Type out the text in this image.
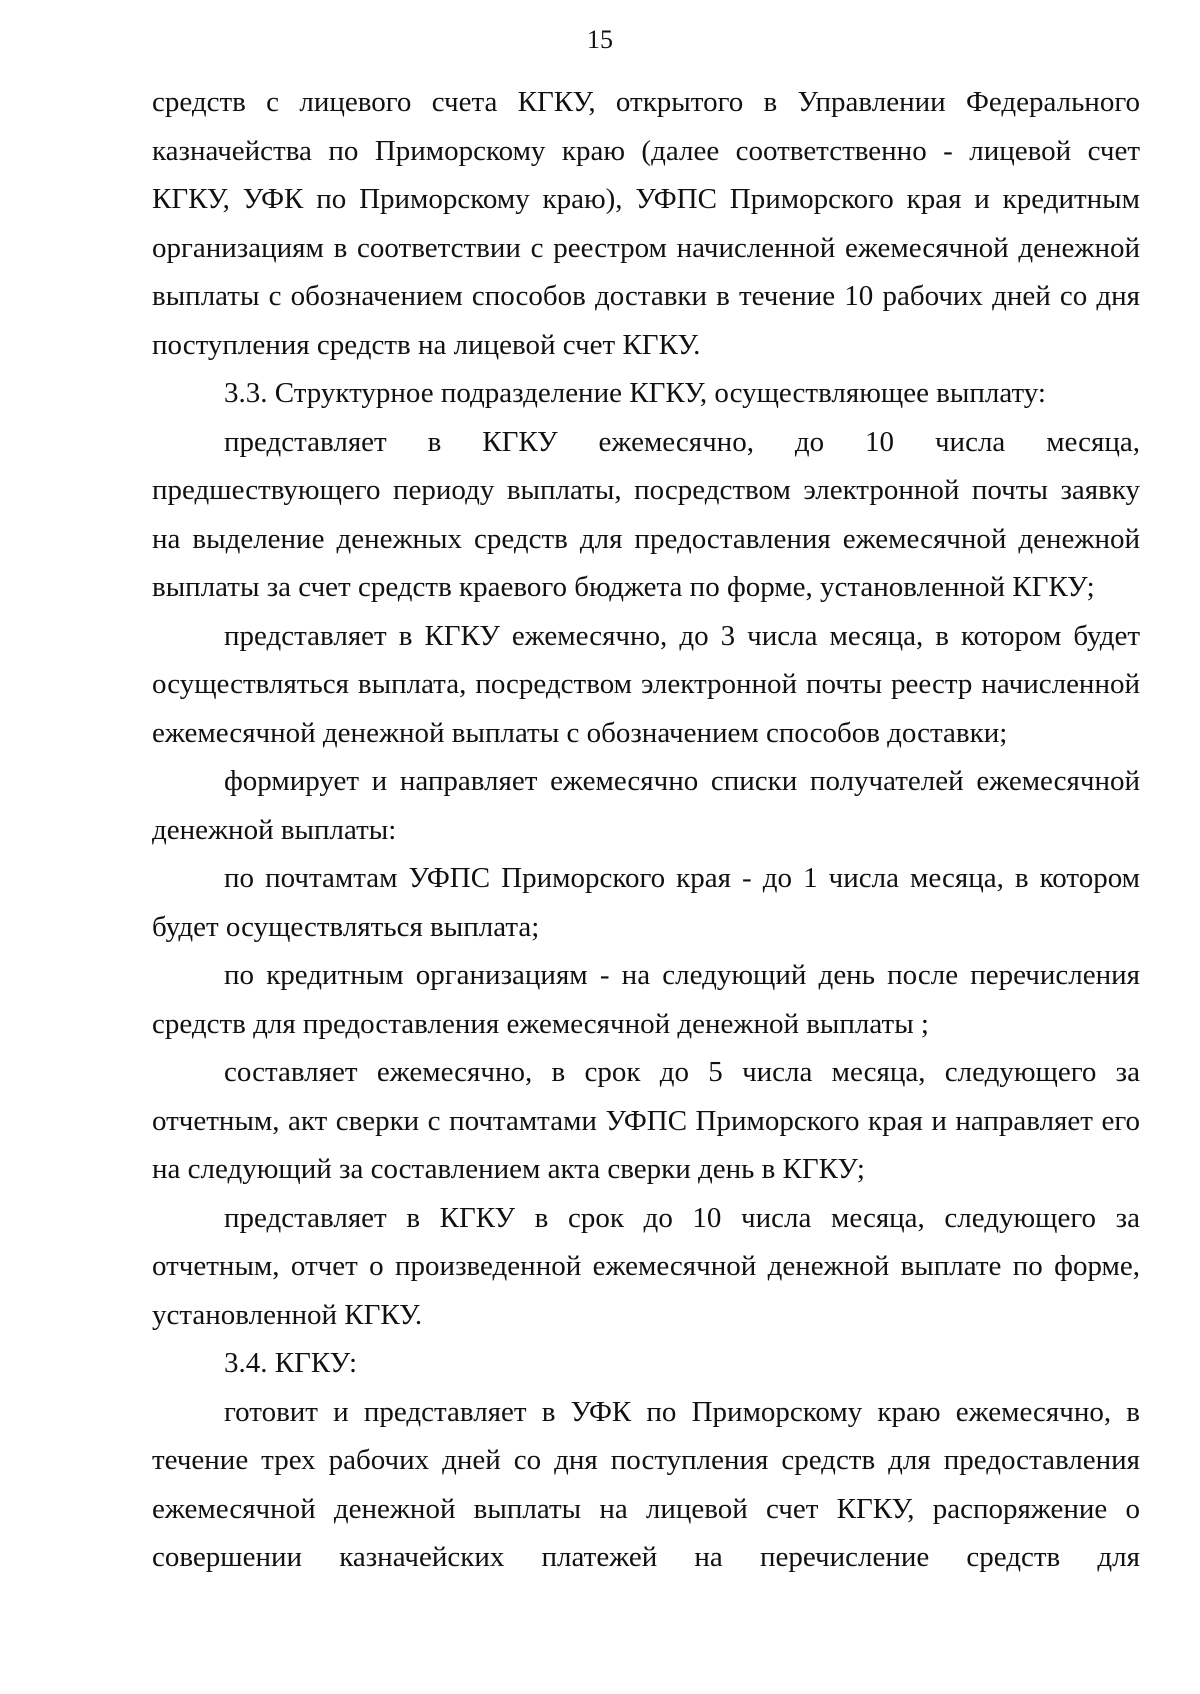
15

средств с лицевого счета КГКУ, открытого в Управлении Федерального казначейства по Приморскому краю (далее соответственно - лицевой счет КГКУ, УФК по Приморскому краю), УФПС Приморского края и кредитным организациям в соответствии с реестром начисленной ежемесячной денежной выплаты с обозначением способов доставки в течение 10 рабочих дней со дня поступления средств на лицевой счет КГКУ.

3.3. Структурное подразделение КГКУ, осуществляющее выплату:

представляет в КГКУ ежемесячно, до 10 числа месяца, предшествующего периоду выплаты, посредством электронной почты заявку на выделение денежных средств для предоставления ежемесячной денежной выплаты за счет средств краевого бюджета по форме, установленной КГКУ;

представляет в КГКУ ежемесячно, до 3 числа месяца, в котором будет осуществляться выплата, посредством электронной почты реестр начисленной ежемесячной денежной выплаты с обозначением способов доставки;

формирует и направляет ежемесячно списки получателей ежемесячной денежной выплаты:

по почтамтам УФПС Приморского края - до 1 числа месяца, в котором будет осуществляться выплата;

по кредитным организациям - на следующий день после перечисления средств для предоставления ежемесячной денежной выплаты ;

составляет ежемесячно, в срок до 5 числа месяца, следующего за отчетным, акт сверки с почтамтами УФПС Приморского края и направляет его на следующий за составлением акта сверки день в КГКУ;

представляет в КГКУ в срок до 10 числа месяца, следующего за отчетным, отчет о произведенной ежемесячной денежной выплате по форме, установленной КГКУ.

3.4. КГКУ:

готовит и представляет в УФК по Приморскому краю ежемесячно, в течение трех рабочих дней со дня поступления средств для предоставления ежемесячной денежной выплаты на лицевой счет КГКУ, распоряжение о совершении казначейских платежей на перечисление средств для
